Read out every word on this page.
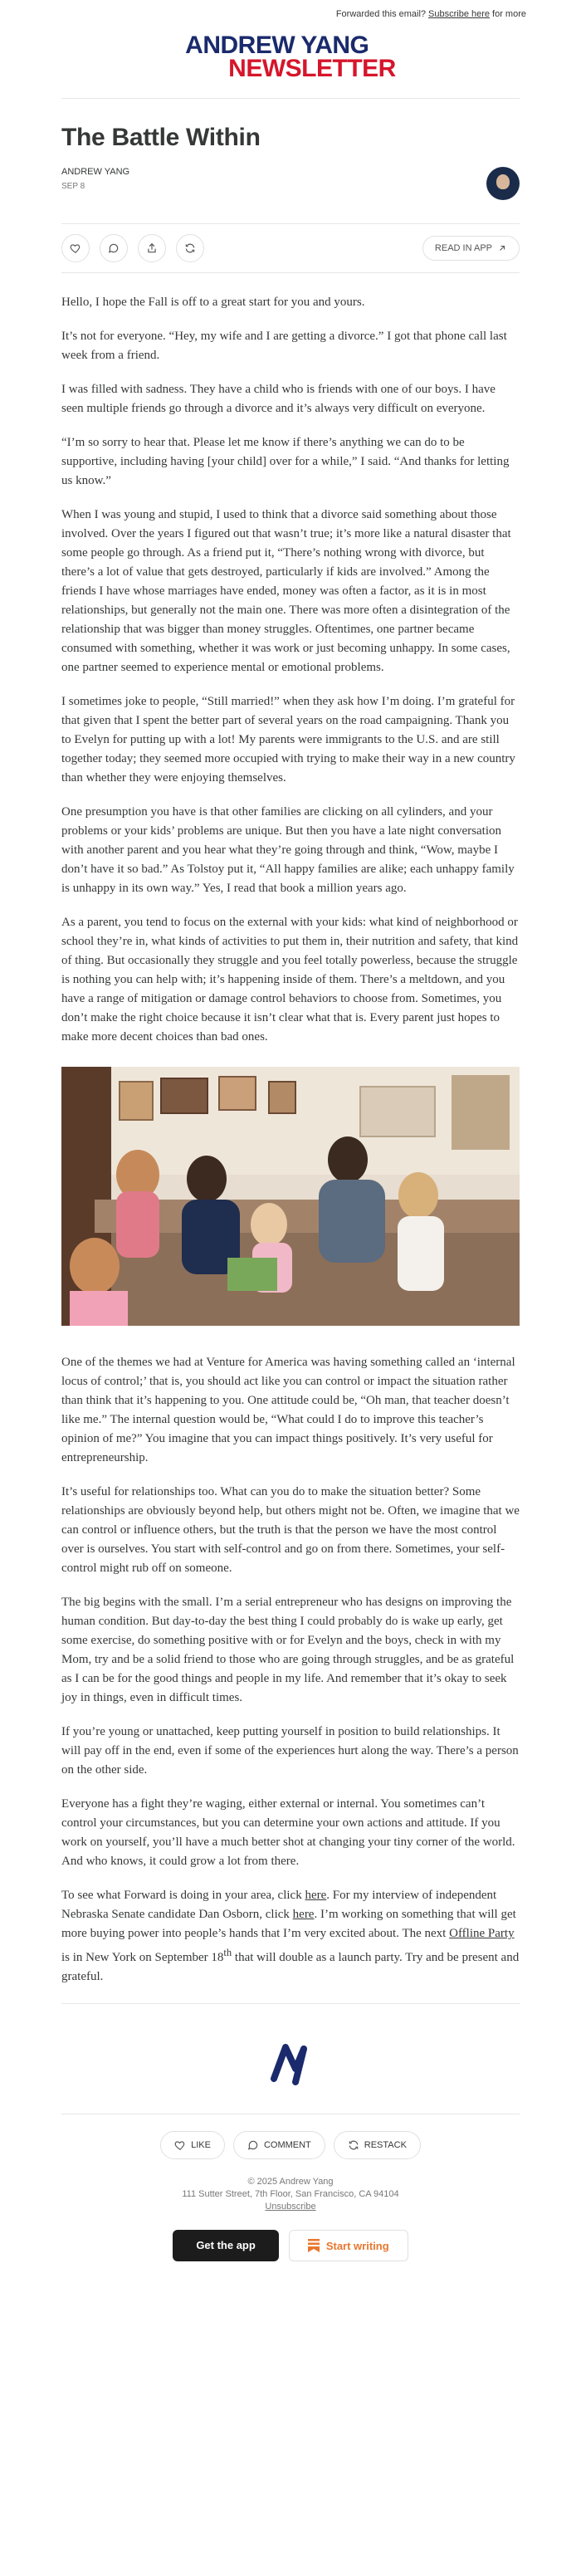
Forwarded this email? Subscribe here for more
ANDREW YANG
NEWSLETTER
The Battle Within
ANDREW YANG
SEP 8
READ IN APP

Hello, I hope the Fall is off to a great start for you and yours.

It’s not for everyone. “Hey, my wife and I are getting a divorce.” I got that phone call last week from a friend.

I was filled with sadness. They have a child who is friends with one of our boys. I have seen multiple friends go through a divorce and it’s always very difficult on everyone.

“I’m so sorry to hear that. Please let me know if there’s anything we can do to be supportive, including having [your child] over for a while,” I said. “And thanks for letting us know.”

When I was young and stupid, I used to think that a divorce said something about those involved. Over the years I figured out that wasn’t true; it’s more like a natural disaster that some people go through. As a friend put it, “There’s nothing wrong with divorce, but there’s a lot of value that gets destroyed, particularly if kids are involved.” Among the friends I have whose marriages have ended, money was often a factor, as it is in most relationships, but generally not the main one. There was more often a disintegration of the relationship that was bigger than money struggles. Oftentimes, one partner became consumed with something, whether it was work or just becoming unhappy. In some cases, one partner seemed to experience mental or emotional problems.

I sometimes joke to people, “Still married!” when they ask how I’m doing. I’m grateful for that given that I spent the better part of several years on the road campaigning. Thank you to Evelyn for putting up with a lot! My parents were immigrants to the U.S. and are still together today; they seemed more occupied with trying to make their way in a new country than whether they were enjoying themselves.

One presumption you have is that other families are clicking on all cylinders, and your problems or your kids’ problems are unique. But then you have a late night conversation with another parent and you hear what they’re going through and think, “Wow, maybe I don’t have it so bad.” As Tolstoy put it, “All happy families are alike; each unhappy family is unhappy in its own way.” Yes, I read that book a million years ago.

As a parent, you tend to focus on the external with your kids: what kind of neighborhood or school they’re in, what kinds of activities to put them in, their nutrition and safety, that kind of thing. But occasionally they struggle and you feel totally powerless, because the struggle is nothing you can help with; it’s happening inside of them. There’s a meltdown, and you have a range of mitigation or damage control behaviors to choose from. Sometimes, you don’t make the right choice because it isn’t clear what that is. Every parent just hopes to make more decent choices than bad ones.

One of the themes we had at Venture for America was having something called an ‘internal locus of control;’ that is, you should act like you can control or impact the situation rather than think that it’s happening to you. One attitude could be, “Oh man, that teacher doesn’t like me.” The internal question would be, “What could I do to improve this teacher’s opinion of me?” You imagine that you can impact things positively. It’s very useful for entrepreneurship.

It’s useful for relationships too. What can you do to make the situation better? Some relationships are obviously beyond help, but others might not be. Often, we imagine that we can control or influence others, but the truth is that the person we have the most control over is ourselves. You start with self-control and go on from there. Sometimes, your self-control might rub off on someone.

The big begins with the small. I’m a serial entrepreneur who has designs on improving the human condition. But day-to-day the best thing I could probably do is wake up early, get some exercise, do something positive with or for Evelyn and the boys, check in with my Mom, try and be a solid friend to those who are going through struggles, and be as grateful as I can be for the good things and people in my life. And remember that it’s okay to seek joy in things, even in difficult times.

If you’re young or unattached, keep putting yourself in position to build relationships. It will pay off in the end, even if some of the experiences hurt along the way. There’s a person on the other side.

Everyone has a fight they’re waging, either external or internal. You sometimes can’t control your circumstances, but you can determine your own actions and attitude. If you work on yourself, you’ll have a much better shot at changing your tiny corner of the world. And who knows, it could grow a lot from there.

To see what Forward is doing in your area, click here. For my interview of independent Nebraska Senate candidate Dan Osborn, click here. I’m working on something that will get more buying power into people’s hands that I’m very excited about. The next Offline Party is in New York on September 18th that will double as a launch party. Try and be present and grateful.

LIKE	COMMENT	RESTACK
© 2025 Andrew Yang
111 Sutter Street, 7th Floor, San Francisco, CA 94104
Unsubscribe
Get the app	Start writing
